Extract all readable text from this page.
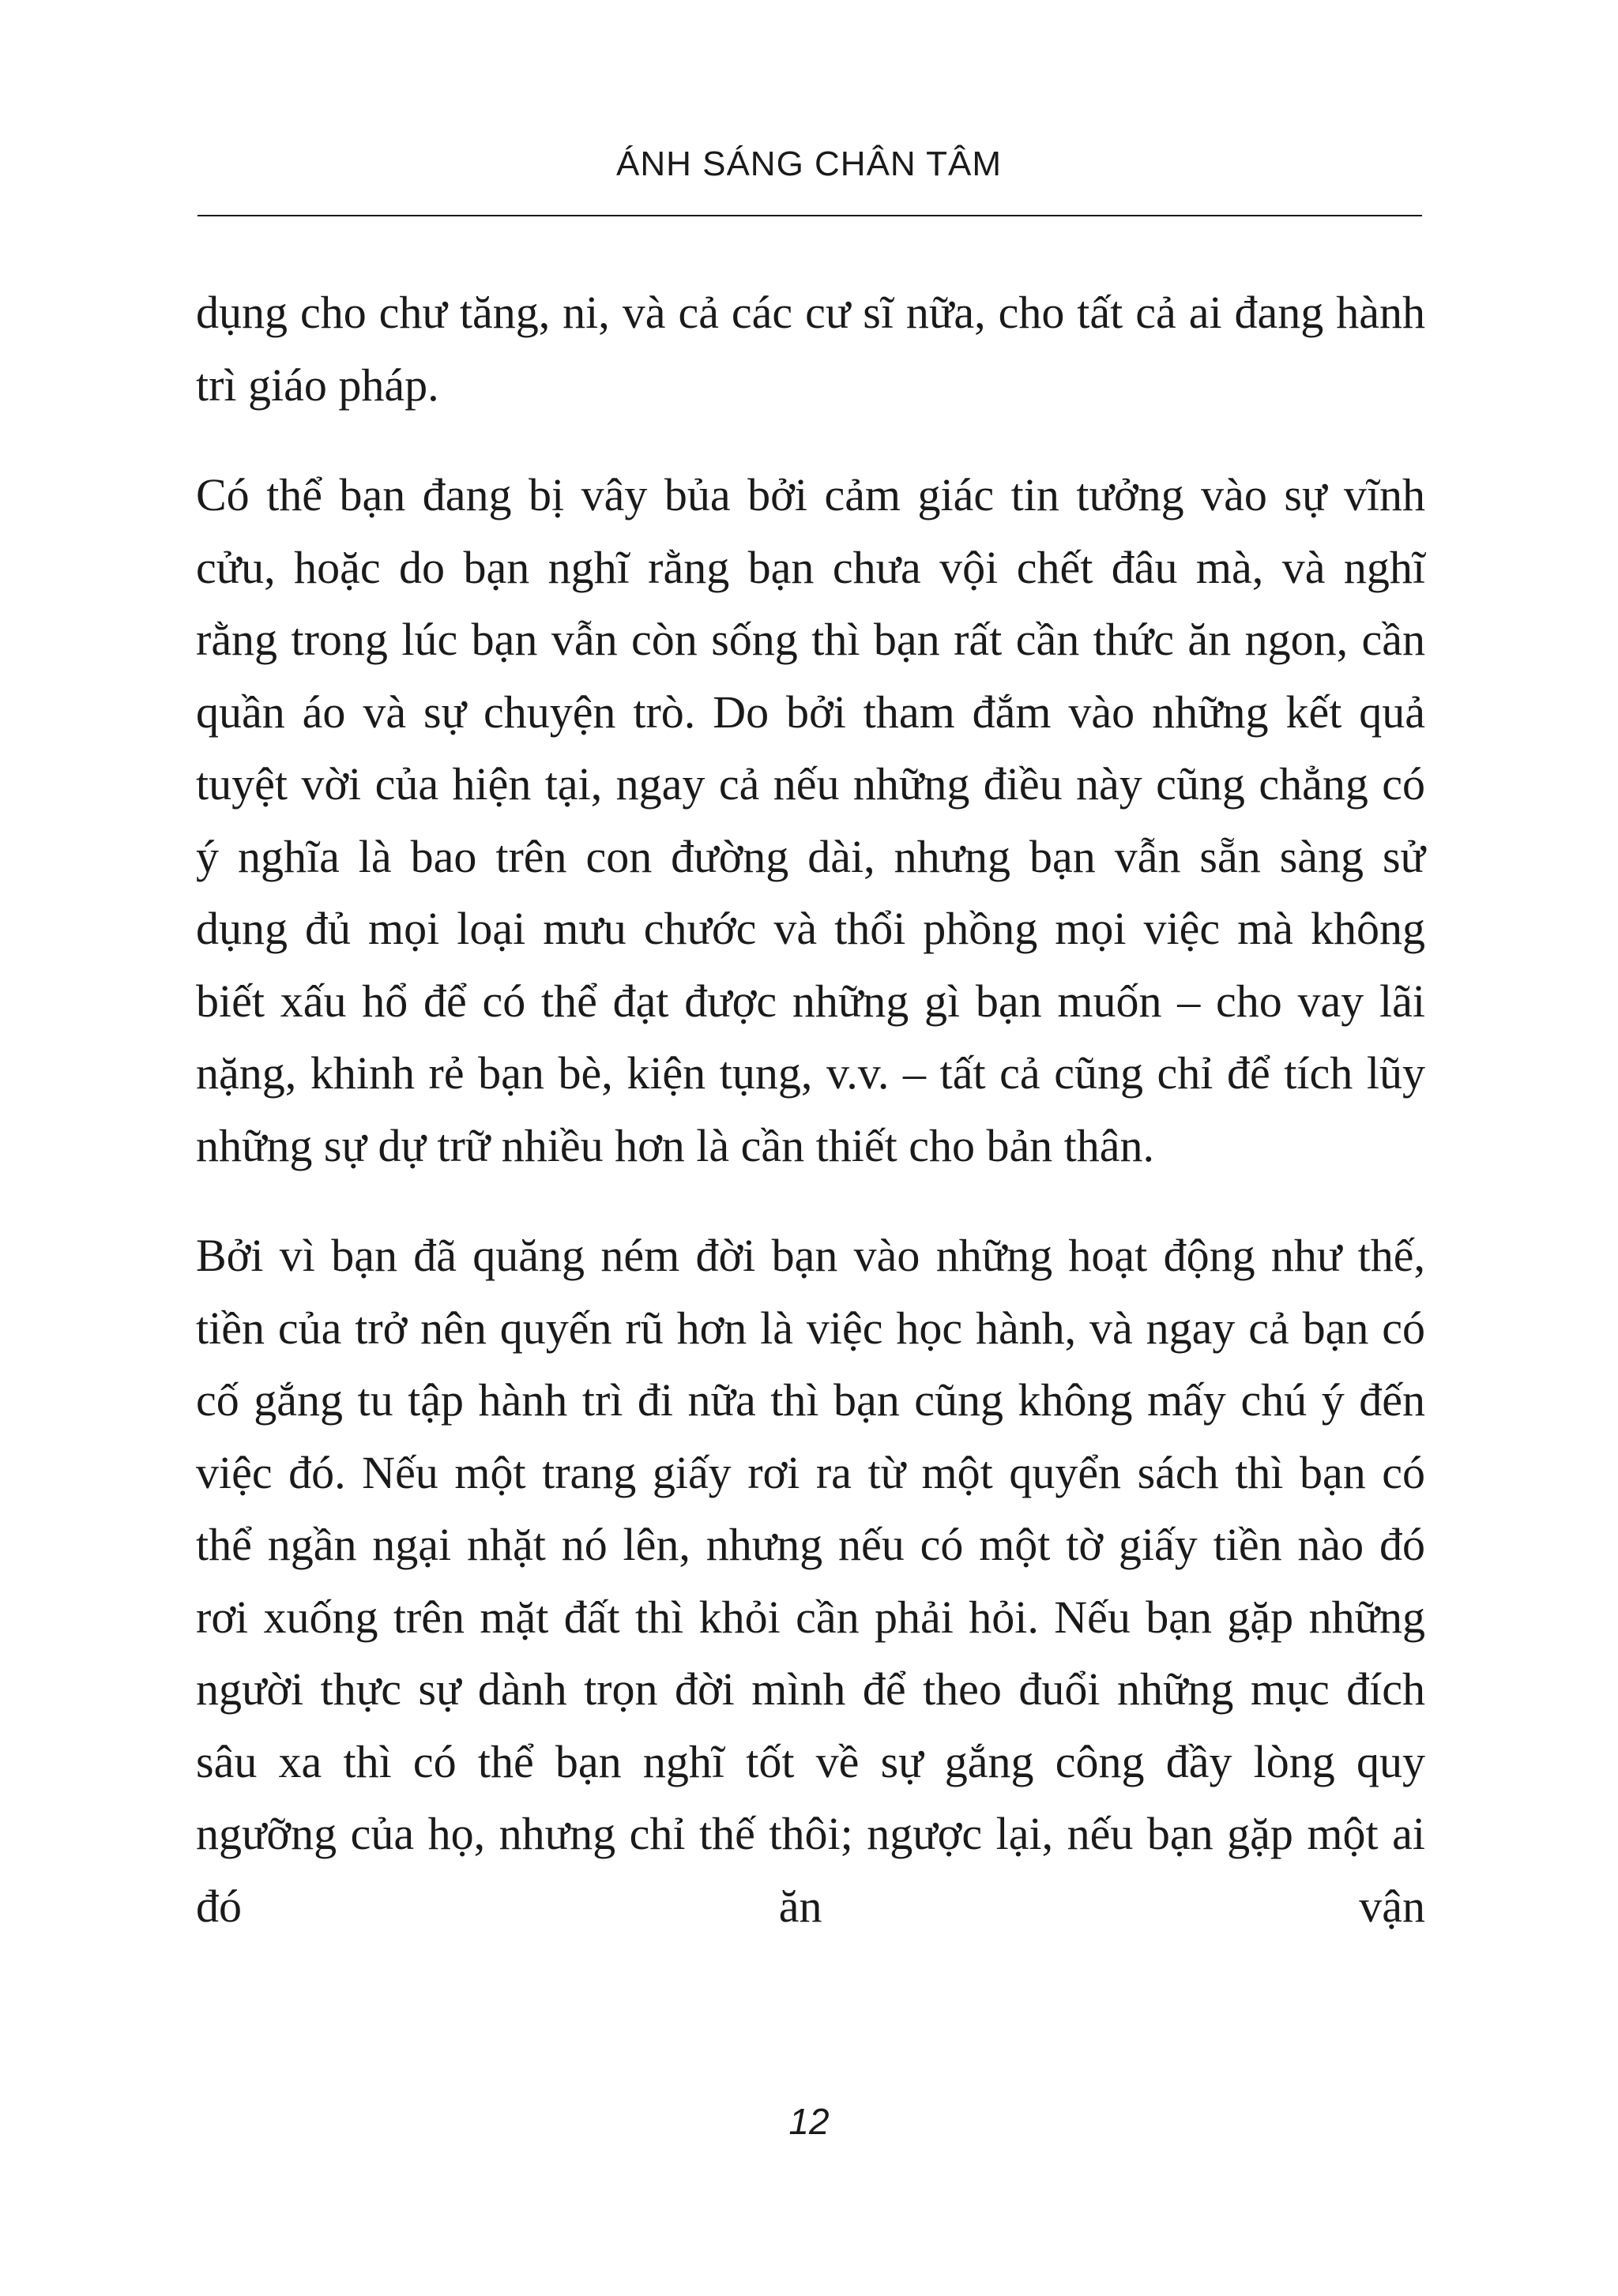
ÁNH SÁNG CHÂN TÂM

dụng cho chư tăng, ni, và cả các cư sĩ nữa, cho tất cả ai đang hành trì giáo pháp.

Có thể bạn đang bị vây bủa bởi cảm giác tin tưởng vào sự vĩnh cửu, hoặc do bạn nghĩ rằng bạn chưa vội chết đâu mà, và nghĩ rằng trong lúc bạn vẫn còn sống thì bạn rất cần thức ăn ngon, cần quần áo và sự chuyện trò. Do bởi tham đắm vào những kết quả tuyệt vời của hiện tại, ngay cả nếu những điều này cũng chẳng có ý nghĩa là bao trên con đường dài, nhưng bạn vẫn sẵn sàng sử dụng đủ mọi loại mưu chước và thổi phồng mọi việc mà không biết xấu hổ để có thể đạt được những gì bạn muốn – cho vay lãi nặng, khinh rẻ bạn bè, kiện tụng, v.v. – tất cả cũng chỉ để tích lũy những sự dự trữ nhiều hơn là cần thiết cho bản thân.

Bởi vì bạn đã quăng ném đời bạn vào những hoạt động như thế, tiền của trở nên quyến rũ hơn là việc học hành, và ngay cả bạn có cố gắng tu tập hành trì đi nữa thì bạn cũng không mấy chú ý đến việc đó. Nếu một trang giấy rơi ra từ một quyển sách thì bạn có thể ngần ngại nhặt nó lên, nhưng nếu có một tờ giấy tiền nào đó rơi xuống trên mặt đất thì khỏi cần phải hỏi. Nếu bạn gặp những người thực sự dành trọn đời mình để theo đuổi những mục đích sâu xa thì có thể bạn nghĩ tốt về sự gắng công đầy lòng quy ngưỡng của họ, nhưng chỉ thế thôi; ngược lại, nếu bạn gặp một ai đó ăn vận

12
